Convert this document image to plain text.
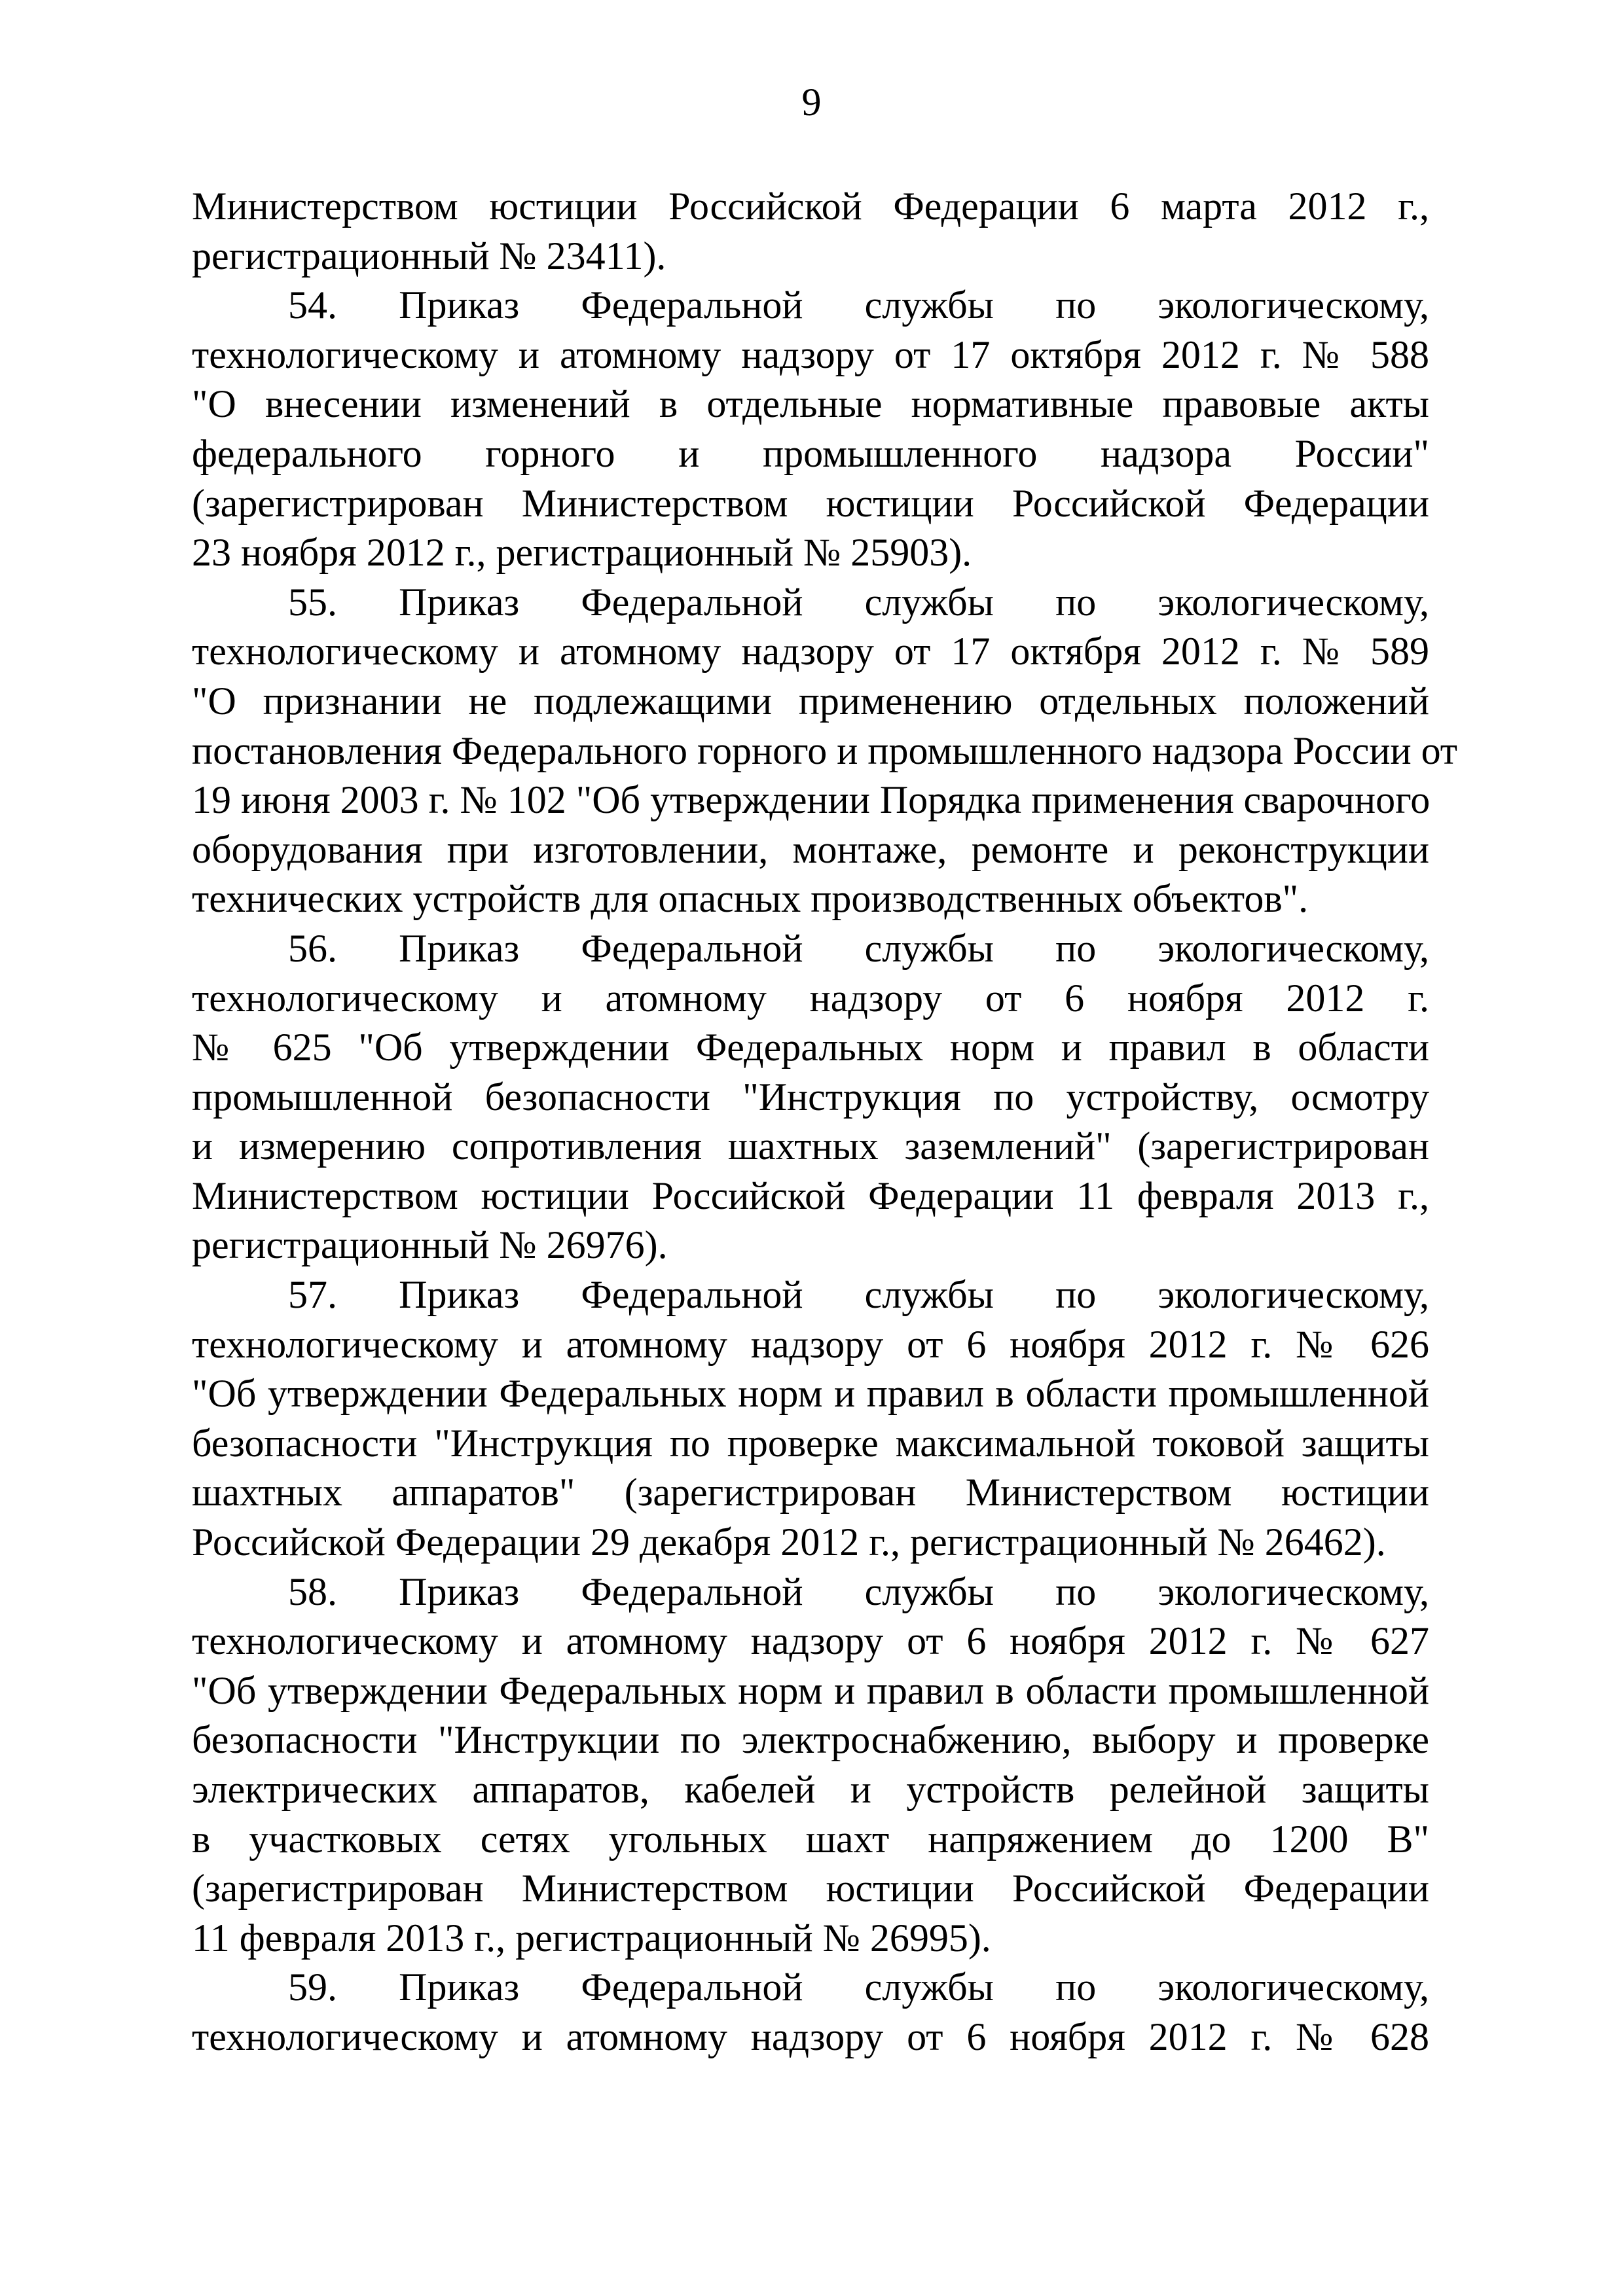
9
Министерством юстиции Российской Федерации 6 марта 2012 г.,
регистрационный № 23411).
54. Приказ Федеральной службы по экологическому,
технологическому и атомному надзору от 17 октября 2012 г. № 588
"О внесении изменений в отдельные нормативные правовые акты
федерального горного и промышленного надзора России"
(зарегистрирован Министерством юстиции Российской Федерации
23 ноября 2012 г., регистрационный № 25903).
55. Приказ Федеральной службы по экологическому,
технологическому и атомному надзору от 17 октября 2012 г. № 589
"О признании не подлежащими применению отдельных положений
постановления Федерального горного и промышленного надзора России от
19 июня 2003 г. № 102 "Об утверждении Порядка применения сварочного
оборудования при изготовлении, монтаже, ремонте и реконструкции
технических устройств для опасных производственных объектов".
56. Приказ Федеральной службы по экологическому,
технологическому и атомному надзору от 6 ноября 2012 г.
№ 625 "Об утверждении Федеральных норм и правил в области
промышленной безопасности "Инструкция по устройству, осмотру
и измерению сопротивления шахтных заземлений" (зарегистрирован
Министерством юстиции Российской Федерации 11 февраля 2013 г.,
регистрационный № 26976).
57. Приказ Федеральной службы по экологическому,
технологическому и атомному надзору от 6 ноября 2012 г. № 626
"Об утверждении Федеральных норм и правил в области промышленной
безопасности "Инструкция по проверке максимальной токовой защиты
шахтных аппаратов" (зарегистрирован Министерством юстиции
Российской Федерации 29 декабря 2012 г., регистрационный № 26462).
58. Приказ Федеральной службы по экологическому,
технологическому и атомному надзору от 6 ноября 2012 г. № 627
"Об утверждении Федеральных норм и правил в области промышленной
безопасности "Инструкции по электроснабжению, выбору и проверке
электрических аппаратов, кабелей и устройств релейной защиты
в участковых сетях угольных шахт напряжением до 1200 В"
(зарегистрирован Министерством юстиции Российской Федерации
11 февраля 2013 г., регистрационный № 26995).
59. Приказ Федеральной службы по экологическому,
технологическому и атомному надзору от 6 ноября 2012 г. № 628
